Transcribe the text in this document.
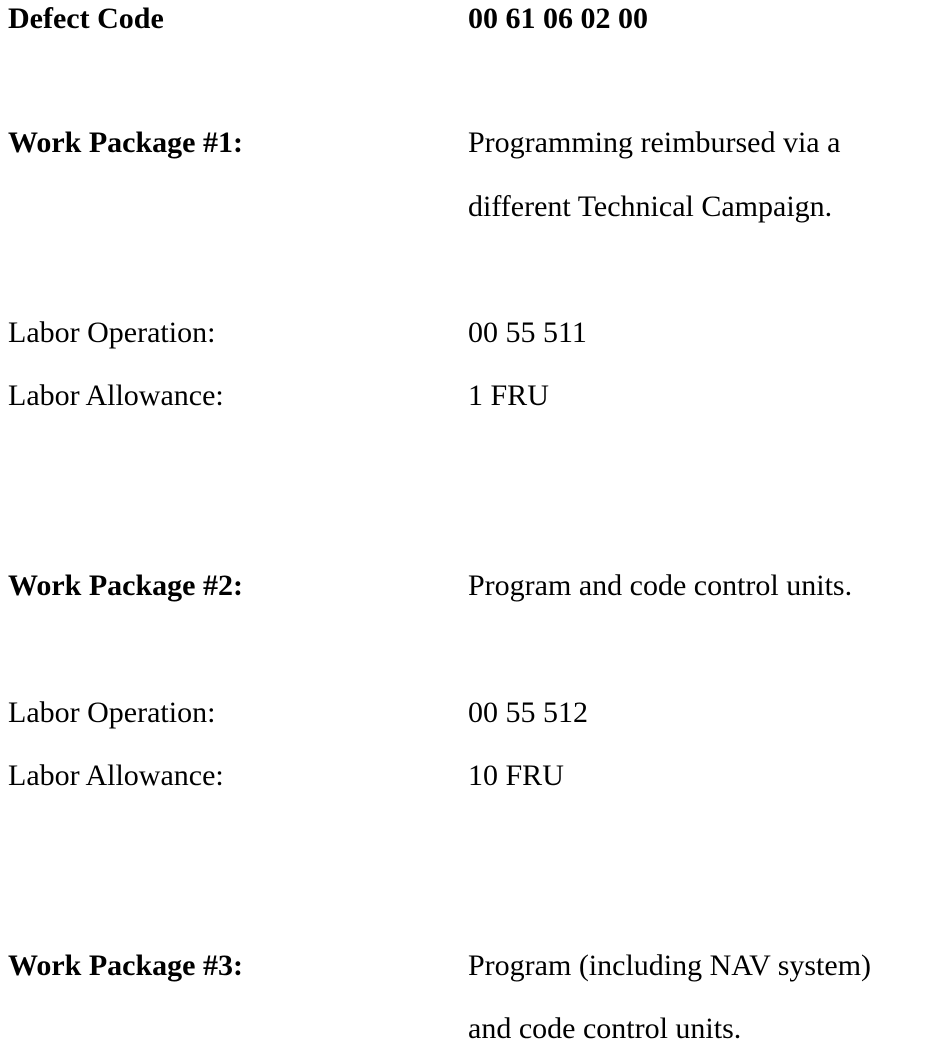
Defect Code	00 61 06 02 00
Work Package #1:	Programming reimbursed via a
different Technical Campaign.
Labor Operation:	00 55 511
Labor Allowance:	1 FRU
Work Package #2:	Program and code control units.
Labor Operation:	00 55 512
Labor Allowance:	10 FRU
Work Package #3:	Program (including NAV system)
and code control units.
